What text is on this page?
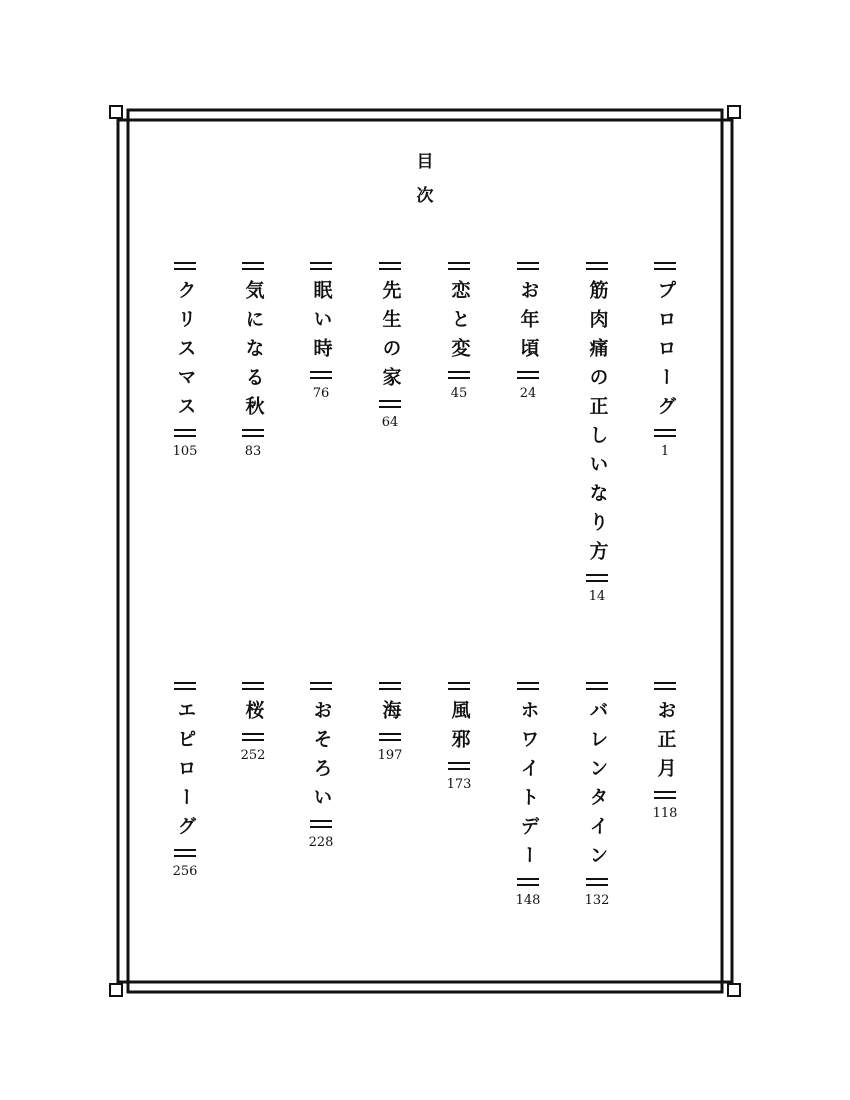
目
次
プロローグ
1
筋肉痛の正しいなり方
14
お年頃
24
恋と変
45
先生の家
64
眠い時
76
気になる秋
83
クリスマス
105
お正月
118
バレンタイン
132
ホワイトデー
148
風邪
173
海
197
おそろい
228
桜
252
エピローグ
256
